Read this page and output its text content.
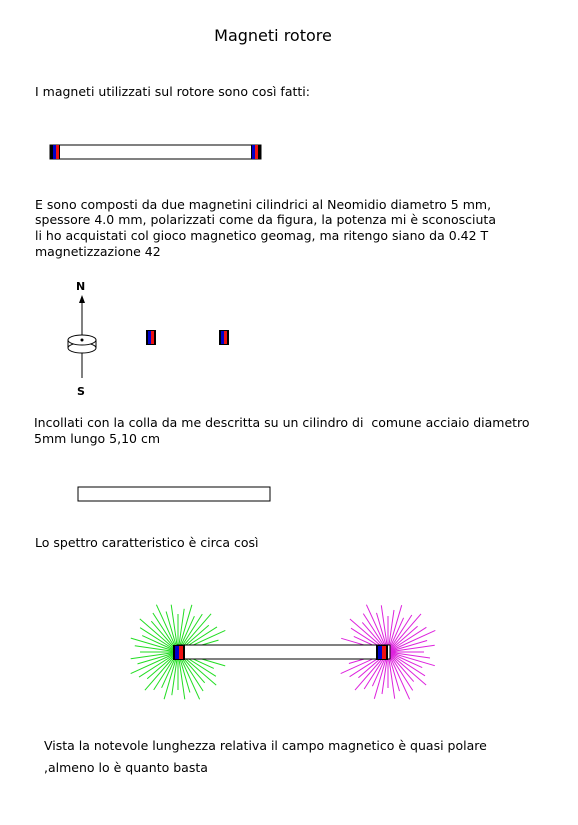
Magneti rotore
I magneti utilizzati sul rotore sono così fatti:
E sono composti da due magnetini cilindrici al Neomidio diametro 5 mm,
spessore 4.0 mm, polarizzati come da figura, la potenza mi è sconosciuta
li ho acquistati col gioco magnetico geomag, ma ritengo siano da 0.42 T
magnetizzazione 42
N
S
Incollati con la colla da me descritta su un cilindro di  comune acciaio diametro
5mm lungo 5,10 cm
Lo spettro caratteristico è circa così
Vista la notevole lunghezza relativa il campo magnetico è quasi polare
,almeno lo è quanto basta
